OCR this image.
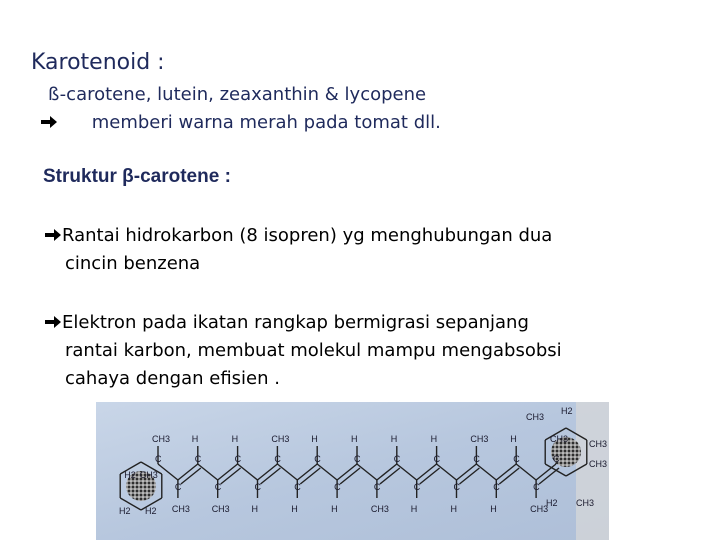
Karotenoid :
ß-carotene, lutein, zeaxanthin & lycopene
memberi warna merah pada tomat dll.
Struktur β-carotene :
Rantai hidrokarbon (8 isopren) yg menghubungan dua
cincin benzena
Elektron pada ikatan rangkap bermigrasi sepanjang
rantai karbon, membuat molekul mampu mengabsobsi
cahaya dengan efisien .
C
CH3
C
CH3
C
H
C
CH3
C
H
C
H
C
CH3
C
H
C
H
C
H
C
H
C
CH3
C
H
C
H
C
H
C
H
C
CH3
C
H
C
H
C
CH3
C
CH3
H2
H2 CH3
H2
CH3
H2
CH3
CH3
H2 CH3
